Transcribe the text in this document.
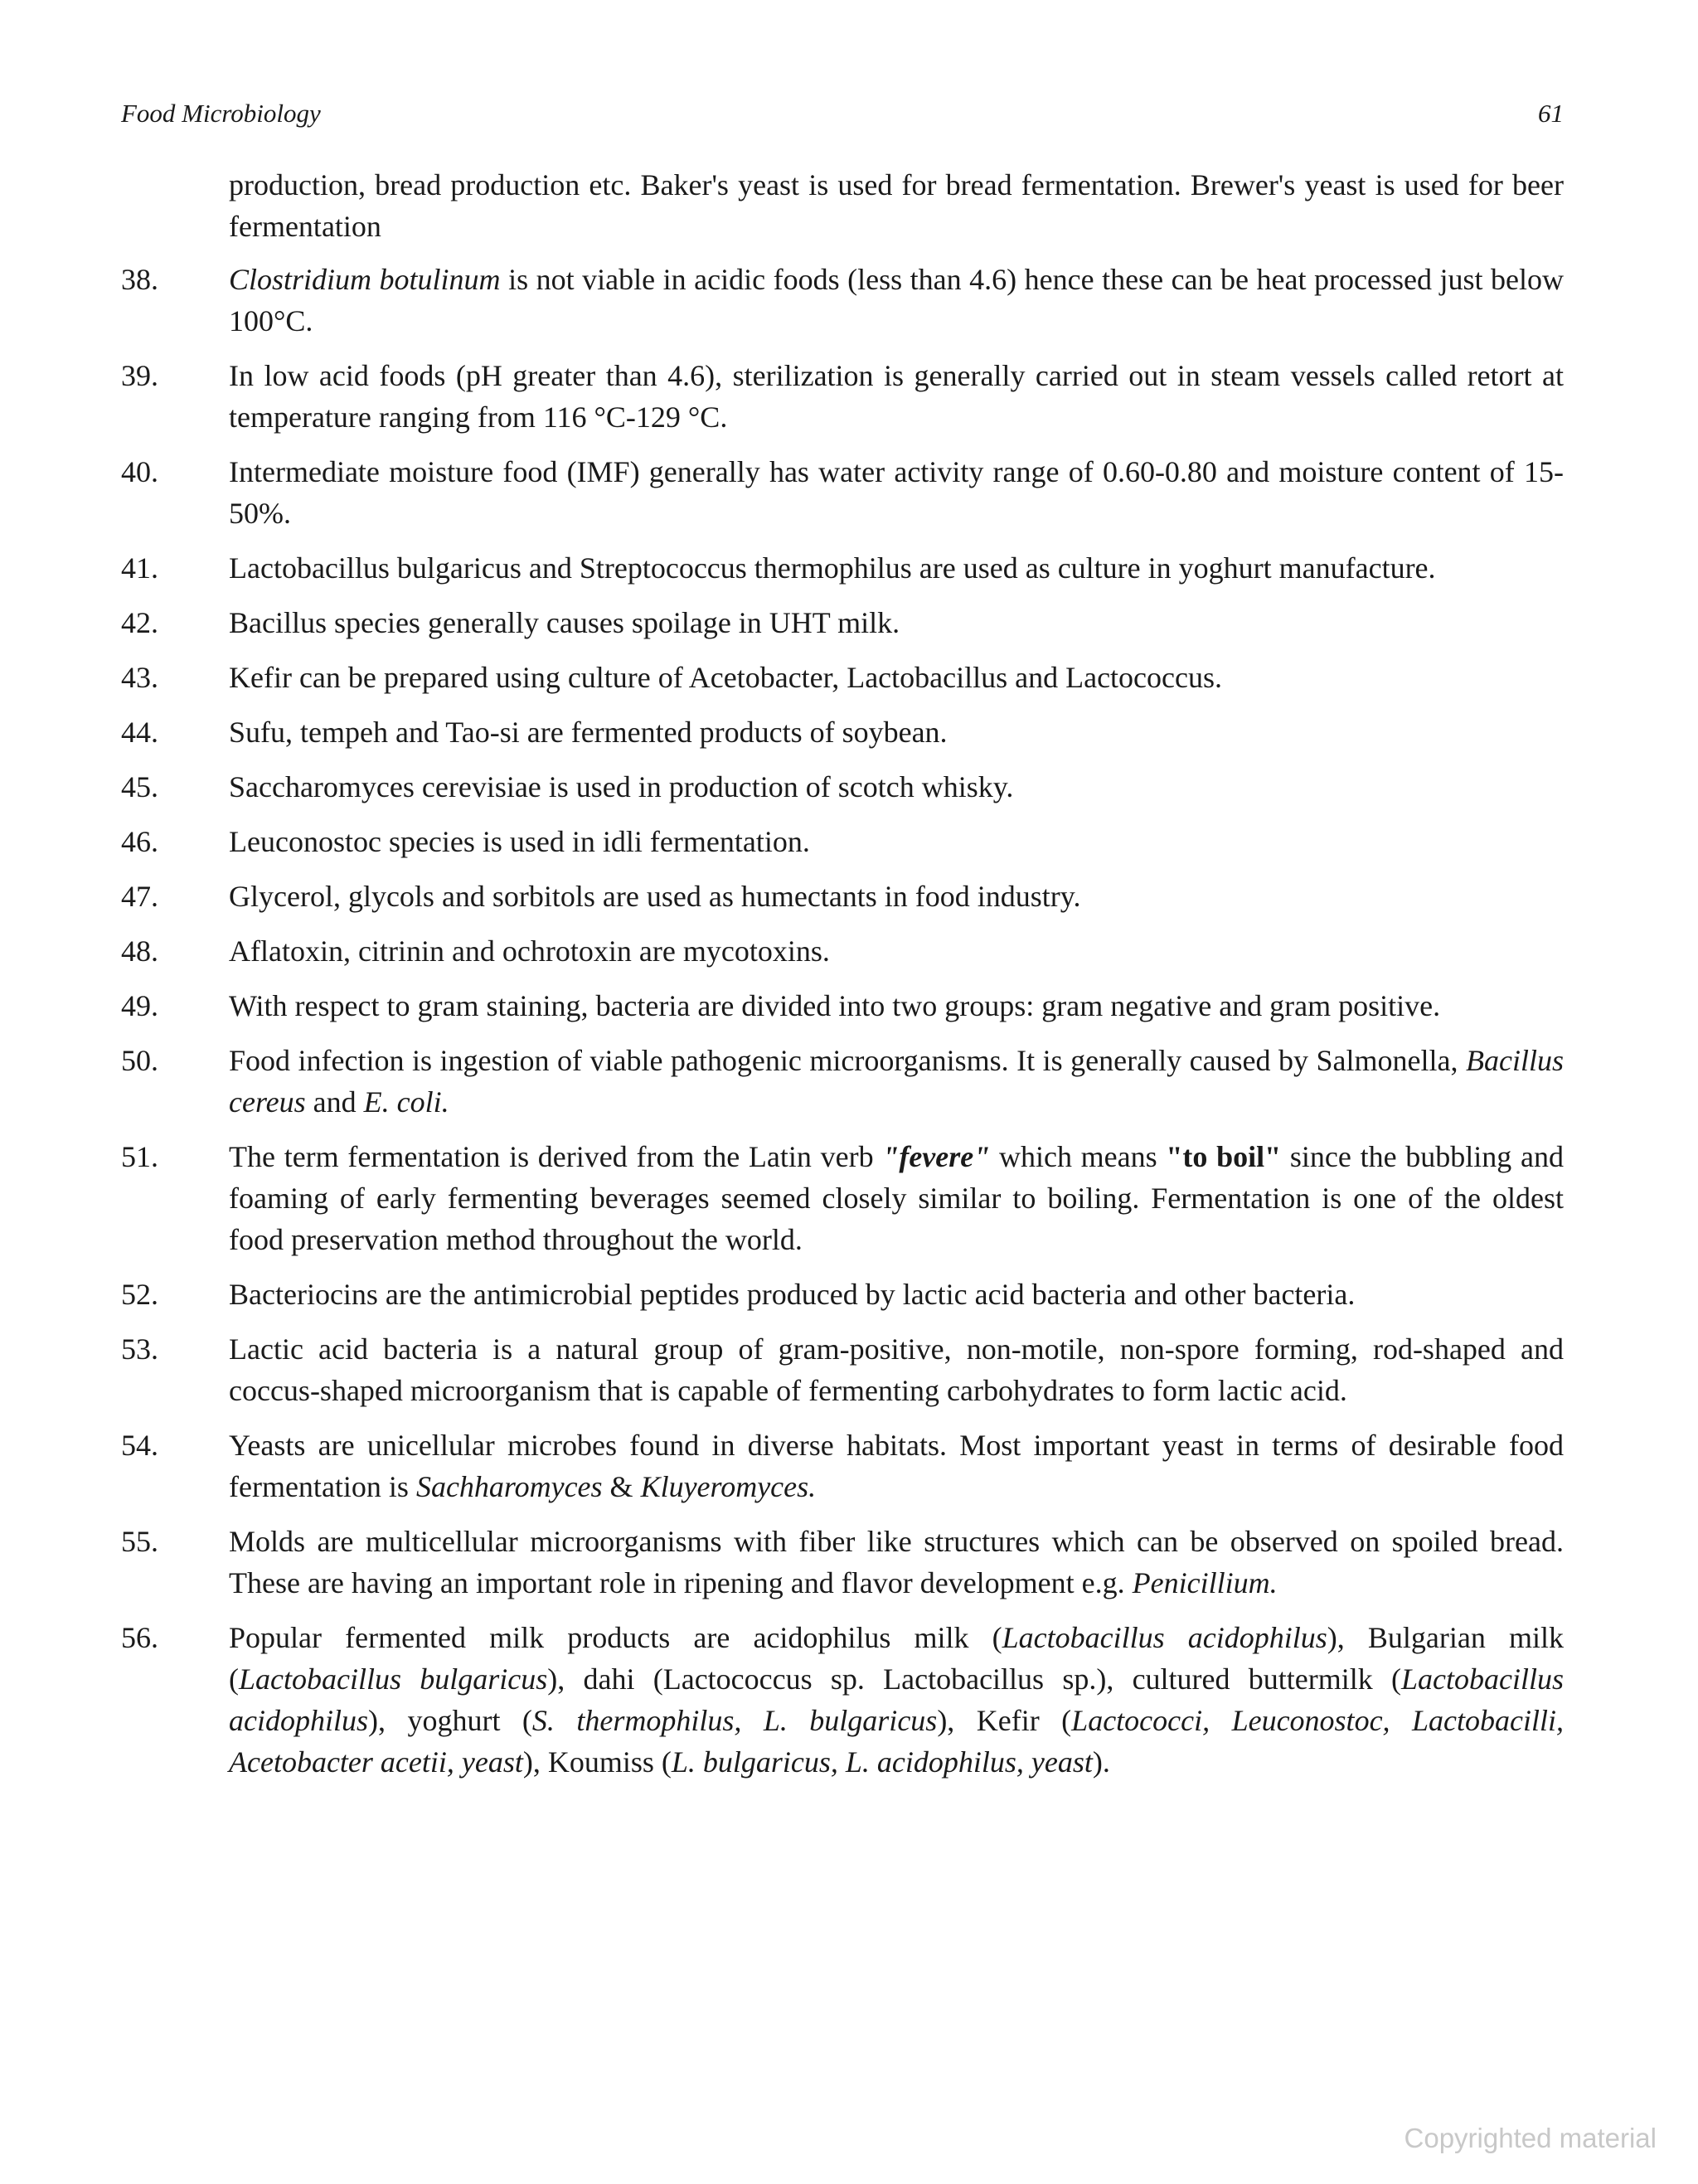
Food Microbiology	61
production, bread production etc. Baker's yeast is used for bread fermentation. Brewer's yeast is used for beer fermentation
38.	Clostridium botulinum is not viable in acidic foods (less than 4.6) hence these can be heat processed just below 100°C.
39.	In low acid foods (pH greater than 4.6), sterilization is generally carried out in steam vessels called retort at temperature ranging from 116 °C-129 °C.
40.	Intermediate moisture food (IMF) generally has water activity range of 0.60-0.80 and moisture content of 15-50%.
41.	Lactobacillus bulgaricus and Streptococcus thermophilus are used as culture in yoghurt manufacture.
42.	Bacillus species generally causes spoilage in UHT milk.
43.	Kefir can be prepared using culture of Acetobacter, Lactobacillus and Lactococcus.
44.	Sufu, tempeh and Tao-si are fermented products of soybean.
45.	Saccharomyces cerevisiae is used in production of scotch whisky.
46.	Leuconostoc species is used in idli fermentation.
47.	Glycerol, glycols and sorbitols are used as humectants in food industry.
48.	Aflatoxin, citrinin and ochrotoxin are mycotoxins.
49.	With respect to gram staining, bacteria are divided into two groups: gram negative and gram positive.
50.	Food infection is ingestion of viable pathogenic microorganisms. It is generally caused by Salmonella, Bacillus cereus and E. coli.
51.	The term fermentation is derived from the Latin verb "fevere" which means "to boil" since the bubbling and foaming of early fermenting beverages seemed closely similar to boiling. Fermentation is one of the oldest food preservation method throughout the world.
52.	Bacteriocins are the antimicrobial peptides produced by lactic acid bacteria and other bacteria.
53.	Lactic acid bacteria is a natural group of gram-positive, non-motile, non-spore forming, rod-shaped and coccus-shaped microorganism that is capable of fermenting carbohydrates to form lactic acid.
54.	Yeasts are unicellular microbes found in diverse habitats. Most important yeast in terms of desirable food fermentation is Sachharomyces & Kluyeromyces.
55.	Molds are multicellular microorganisms with fiber like structures which can be observed on spoiled bread. These are having an important role in ripening and flavor development e.g. Penicillium.
56.	Popular fermented milk products are acidophilus milk (Lactobacillus acidophilus), Bulgarian milk (Lactobacillus bulgaricus), dahi (Lactococcus sp. Lactobacillus sp.), cultured buttermilk (Lactobacillus acidophilus), yoghurt (S. thermophilus, L. bulgaricus), Kefir (Lactococci, Leuconostoc, Lactobacilli, Acetobacter acetii, yeast), Koumiss (L. bulgaricus, L. acidophilus, yeast).
Copyrighted material
